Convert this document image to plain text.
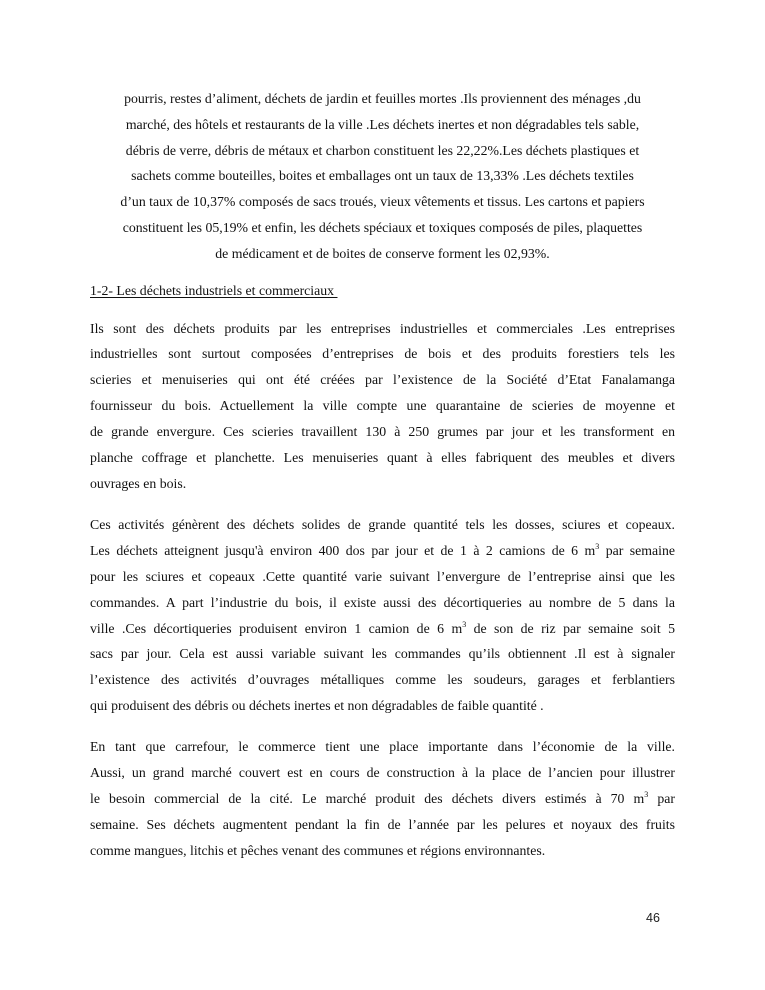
pourris, restes d’aliment, déchets de jardin et feuilles mortes .Ils proviennent des ménages ,du
marché, des hôtels et restaurants de la ville .Les déchets inertes et non dégradables tels sable,
débris de verre, débris de métaux et charbon constituent les 22,22%.Les déchets plastiques et
sachets comme bouteilles, boites et emballages ont un taux de 13,33% .Les déchets textiles
d’un taux de 10,37% composés de sacs troués, vieux vêtements et tissus. Les cartons et papiers
constituent les 05,19% et enfin, les déchets spéciaux et toxiques composés de piles, plaquettes
de médicament et de boites de conserve forment les 02,93%.
1-2- Les déchets industriels et commerciaux
Ils sont des déchets produits par les entreprises industrielles et commerciales .Les entreprises
industrielles sont surtout composées d’entreprises de bois et des produits forestiers tels les
scieries et menuiseries qui ont été créées par l’existence de la Société d’Etat Fanalamanga
fournisseur du bois. Actuellement la ville compte une quarantaine de scieries de moyenne et
de grande envergure. Ces scieries travaillent 130 à 250 grumes par jour et les transforment en
planche coffrage et planchette. Les menuiseries quant à elles fabriquent des meubles et divers
ouvrages en bois.
Ces activités génèrent des déchets solides de grande quantité tels les dosses, sciures et copeaux.
Les déchets atteignent jusqu'à environ 400 dos par jour et de 1 à 2 camions de 6 $m^3$ par semaine
pour les sciures et copeaux .Cette quantité varie suivant l’envergure de l’entreprise ainsi que les
commandes. A part l’industrie du bois, il existe aussi des décortiqueries au nombre de 5 dans la
ville .Ces décortiqueries produisent environ 1 camion de 6 $m^3$ de son de riz par semaine soit 5
sacs par jour. Cela est aussi variable suivant les commandes qu’ils obtiennent .Il est à signaler
l’existence des activités d’ouvrages métalliques comme les soudeurs, garages et ferblantiers
qui produisent des débris ou déchets inertes et non dégradables de faible quantité .
En tant que carrefour, le commerce tient une place importante dans l’économie de la ville.
Aussi, un grand marché couvert est en cours de construction à la place de l’ancien pour illustrer
le besoin commercial de la cité. Le marché produit des déchets divers estimés à 70 $m^3$ par
semaine. Ses déchets augmentent pendant la fin de l’année par les pelures et noyaux des fruits
comme mangues, litchis et pêches venant des communes et régions environnantes.
46
